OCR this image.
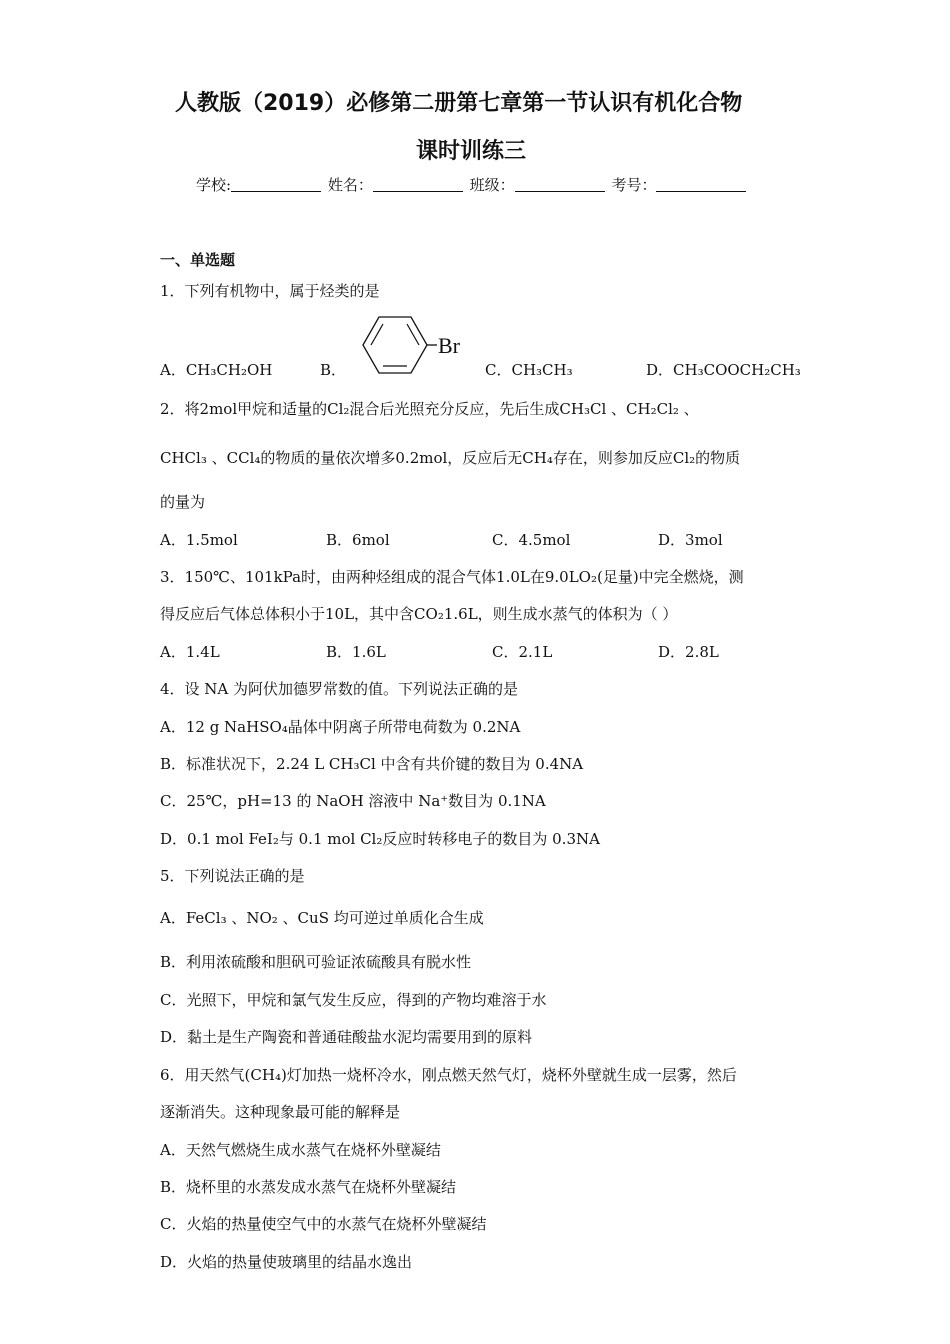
人教版（2019）必修第二册第七章第一节认识有机化合物
课时训练三
学校:	姓名：	班级：	考号：
一、单选题
1．下列有机物中，属于烃类的是
A．CH₃CH₂OH	B．
Br
C．CH₃CH₃	D．CH₃COOCH₂CH₃
2．将2mol甲烷和适量的Cl₂混合后光照充分反应，先后生成CH₃Cl 、CH₂Cl₂ 、
CHCl₃ 、CCl₄的物质的量依次增多0.2mol，反应后无CH₄存在，则参加反应Cl₂的物质
的量为
A．1.5mol	B．6mol	C．4.5mol	D．3mol
3．150℃、101kPa时，由两种烃组成的混合气体1.0L在9.0LO₂(足量)中完全燃烧，测
得反应后气体总体积小于10L，其中含CO₂1.6L，则生成水蒸气的体积为（ ）
A．1.4L	B．1.6L	C．2.1L	D．2.8L
4．设 NA 为阿伏加德罗常数的值。下列说法正确的是
A．12 g NaHSO₄晶体中阴离子所带电荷数为 0.2NA
B．标准状况下，2.24 L CH₃Cl 中含有共价键的数目为 0.4NA
C．25℃，pH=13 的 NaOH 溶液中 Na⁺数目为 0.1NA
D．0.1 mol FeI₂与 0.1 mol Cl₂反应时转移电子的数目为 0.3NA
5．下列说法正确的是
A．FeCl₃ 、NO₂ 、CuS 均可逆过单质化合生成
B．利用浓硫酸和胆矾可验证浓硫酸具有脱水性
C．光照下，甲烷和氯气发生反应，得到的产物均难溶于水
D．黏土是生产陶瓷和普通硅酸盐水泥均需要用到的原料
6．用天然气(CH₄)灯加热一烧杯冷水，刚点燃天然气灯，烧杯外壁就生成一层雾，然后
逐渐消失。这种现象最可能的解释是
A．天然气燃烧生成水蒸气在烧杯外壁凝结
B．烧杯里的水蒸发成水蒸气在烧杯外壁凝结
C．火焰的热量使空气中的水蒸气在烧杯外壁凝结
D．火焰的热量使玻璃里的结晶水逸出
